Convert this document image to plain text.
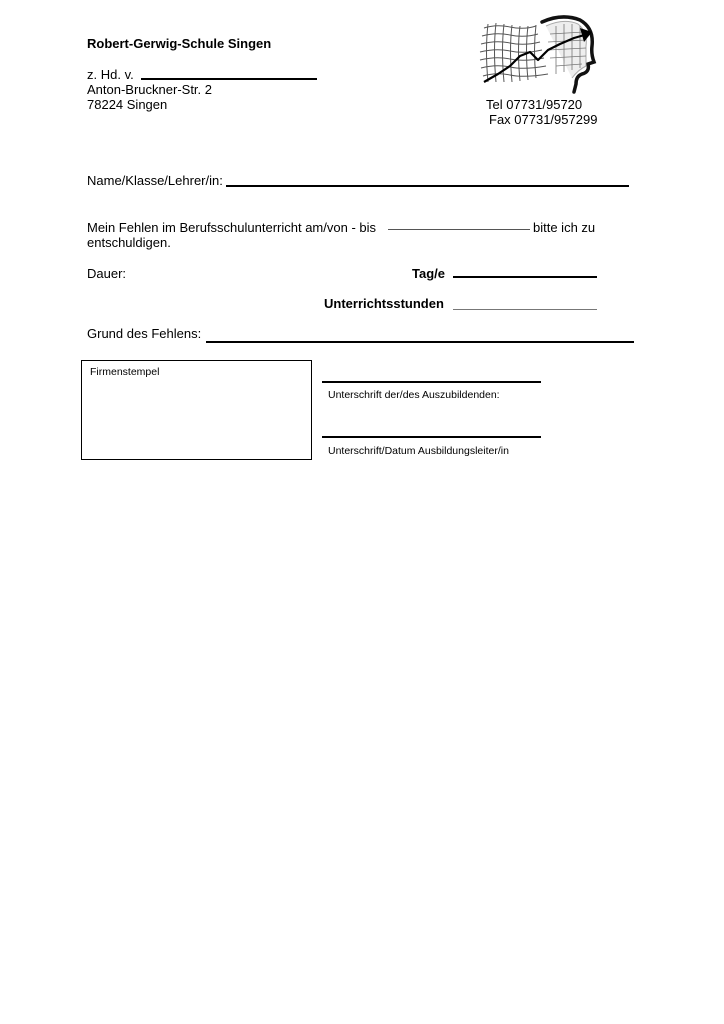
Robert-Gerwig-Schule Singen
z. Hd. v.
Anton-Bruckner-Str. 2
78224 Singen	Tel 07731/95720
Fax 07731/957299
Name/Klasse/Lehrer/in:
Mein Fehlen im Berufsschulunterricht am/von - bis	bitte ich zu
entschuldigen.
Dauer:	Tag/e
Unterrichtsstunden
Grund des Fehlens:
Firmenstempel
Unterschrift der/des Auszubildenden:
Unterschrift/Datum Ausbildungsleiter/in
